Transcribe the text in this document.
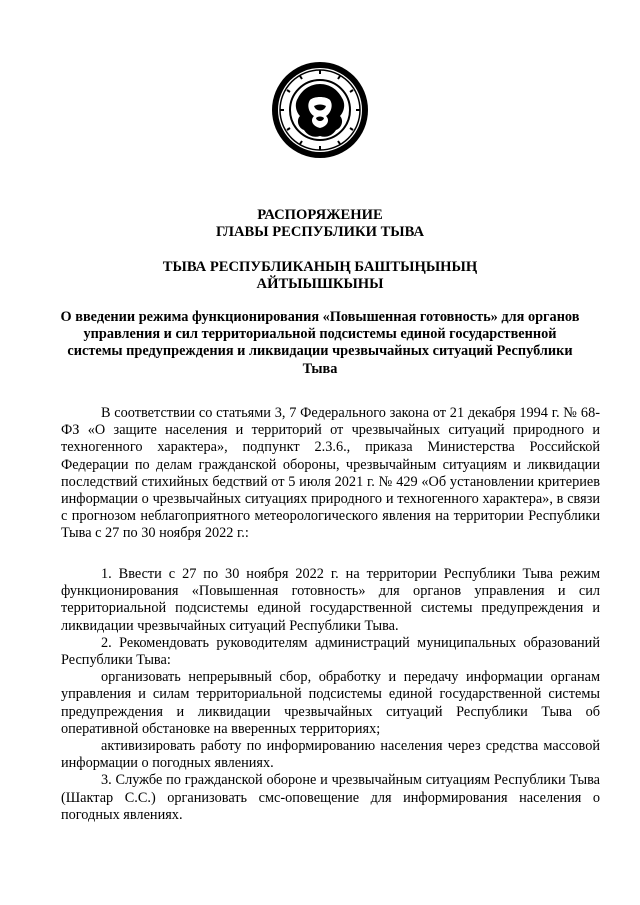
РАСПОРЯЖЕНИЕ
ГЛАВЫ РЕСПУБЛИКИ ТЫВА
ТЫВА РЕСПУБЛИКАНЫҢ БАШТЫҢЫНЫҢ
АЙТЫЫШКЫНЫ
О введении режима функционирования «Повышенная готовность» для органов управления и сил территориальной подсистемы единой государственной системы предупреждения и ликвидации чрезвычайных ситуаций Республики Тыва

В соответствии со статьями 3, 7 Федерального закона от 21 декабря 1994 г. № 68-ФЗ «О защите населения и территорий от чрезвычайных ситуаций природного и техногенного характера», подпункт 2.3.6., приказа Министерства Российской Федерации по делам гражданской обороны, чрезвычайным ситуациям и ликвидации последствий стихийных бедствий от 5 июля 2021 г. № 429 «Об установлении критериев информации о чрезвычайных ситуациях природного и техногенного характера», в связи с прогнозом неблагоприятного метеорологического явления на территории Республики Тыва с 27 по 30 ноября 2022 г.:

1. Ввести с 27 по 30 ноября 2022 г. на территории Республики Тыва режим функционирования «Повышенная готовность» для органов управления и сил территориальной подсистемы единой государственной системы предупреждения и ликвидации чрезвычайных ситуаций Республики Тыва.

2. Рекомендовать руководителям администраций муниципальных образований Республики Тыва:

организовать непрерывный сбор, обработку и передачу информации органам управления и силам территориальной подсистемы единой государственной системы предупреждения и ликвидации чрезвычайных ситуаций Республики Тыва об оперативной обстановке на вверенных территориях;

активизировать работу по информированию населения через средства массовой информации о погодных явлениях.

3. Службе по гражданской обороне и чрезвычайным ситуациям Республики Тыва (Шактар С.С.) организовать смс-оповещение для информирования населения о погодных явлениях.
